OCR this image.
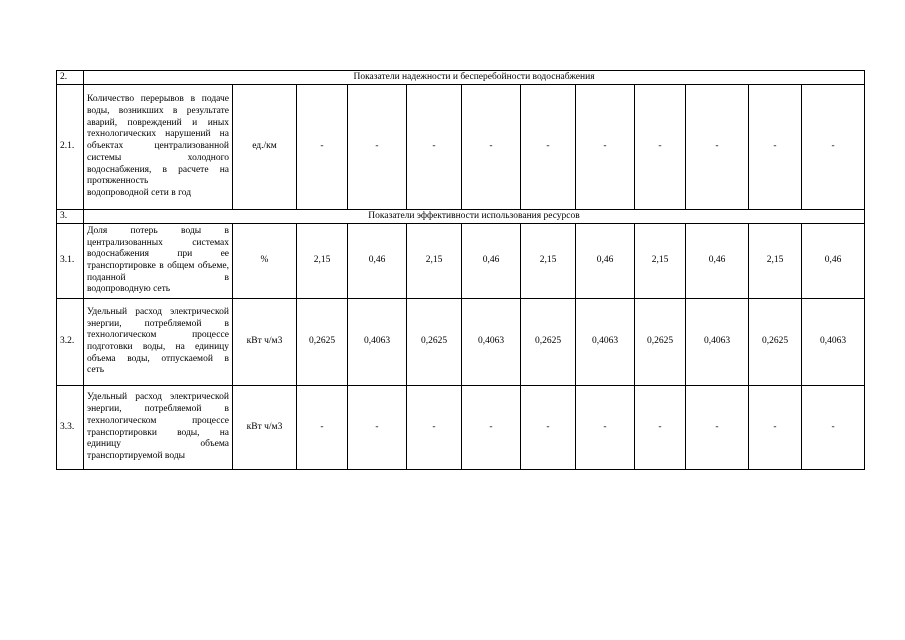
2.	Показатели надежности и бесперебойности водоснабжения											
2.1.	Количество перерывов в подаче воды, возникших в результате аварий, повреждений и иных технологических нарушений на объектах централизованной системы холодного водоснабжения, в расчете на протяженность
водопроводной сети в год	ед./км	-	-	-	-	-	-	-	-	-	-
3.	Показатели эффективности использования ресурсов											
3.1.	Доля потерь воды в централизованных системах водоснабжения при ее транспортировке в общем объеме, поданной в
водопроводную сеть	%	2,15	0,46	2,15	0,46	2,15	0,46	2,15	0,46	2,15	0,46
3.2.	Удельный расход электрической энергии, потребляемой в технологическом процессе подготовки воды, на единицу объема воды, отпускаемой в
сеть	кВт ч/м3	0,2625	0,4063	0,2625	0,4063	0,2625	0,4063	0,2625	0,4063	0,2625	0,4063
3.3.	Удельный расход электрической энергии, потребляемой в технологическом процессе транспортировки воды, на единицу объема
транспортируемой воды	кВт ч/м3	-	-	-	-	-	-	-	-	-	-
